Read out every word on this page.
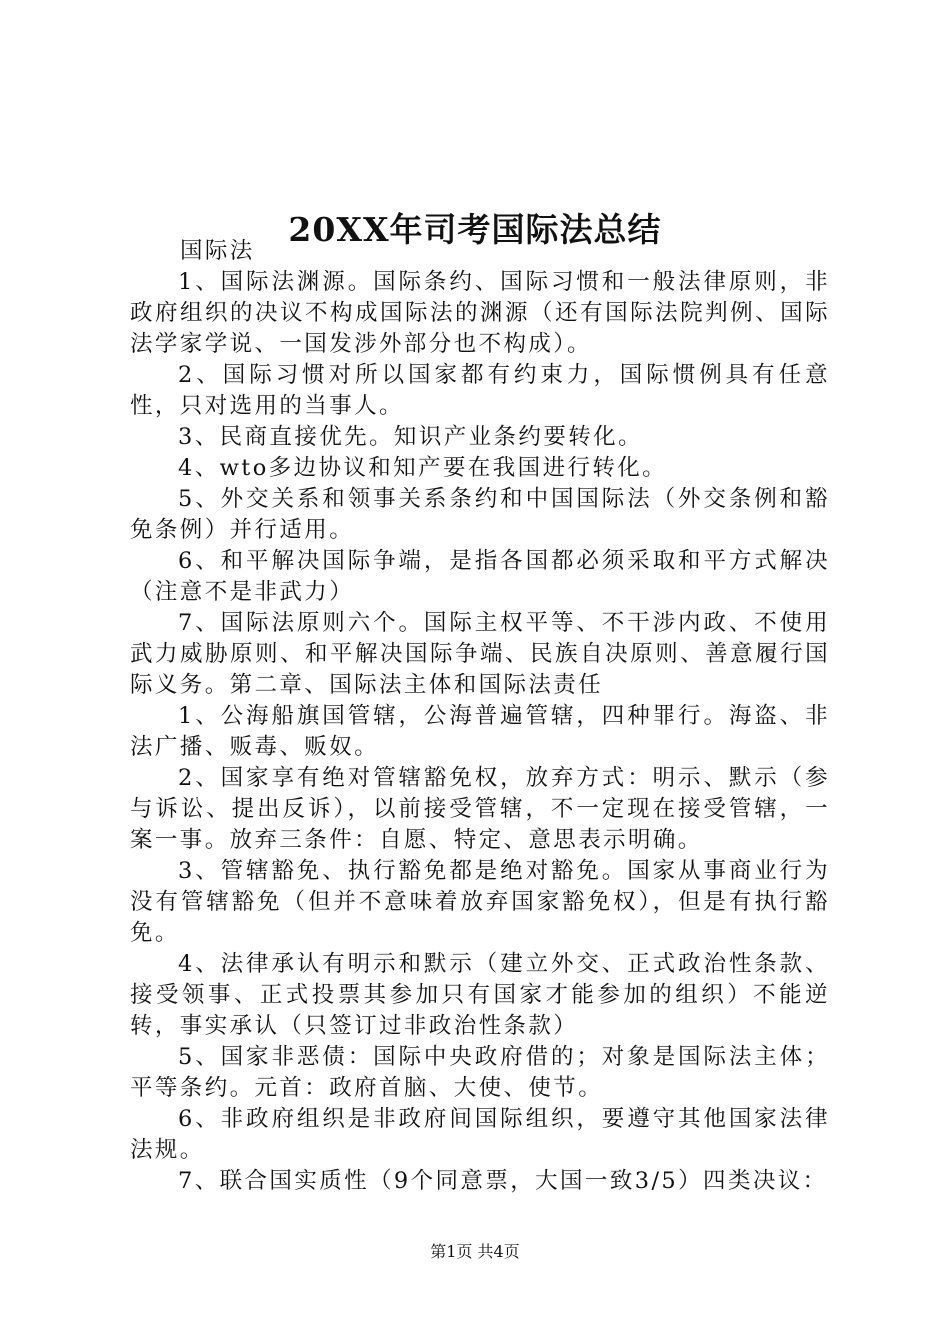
20XX年司考国际法总结

国际法

1、国际法渊源。国际条约、国际习惯和一般法律原则，非政府组织的决议不构成国际法的渊源（还有国际法院判例、国际法学家学说、一国发涉外部分也不构成）。

2、国际习惯对所以国家都有约束力，国际惯例具有任意性，只对选用的当事人。

3、民商直接优先。知识产业条约要转化。

4、wto多边协议和知产要在我国进行转化。

5、外交关系和领事关系条约和中国国际法（外交条例和豁免条例）并行适用。

6、和平解决国际争端，是指各国都必须采取和平方式解决（注意不是非武力）

7、国际法原则六个。国际主权平等、不干涉内政、不使用武力威胁原则、和平解决国际争端、民族自决原则、善意履行国际义务。第二章、国际法主体和国际法责任

1、公海船旗国管辖，公海普遍管辖，四种罪行。海盗、非法广播、贩毒、贩奴。

2、国家享有绝对管辖豁免权，放弃方式：明示、默示（参与诉讼、提出反诉），以前接受管辖，不一定现在接受管辖，一案一事。放弃三条件：自愿、特定、意思表示明确。

3、管辖豁免、执行豁免都是绝对豁免。国家从事商业行为没有管辖豁免（但并不意味着放弃国家豁免权），但是有执行豁免。

4、法律承认有明示和默示（建立外交、正式政治性条款、接受领事、正式投票其参加只有国家才能参加的组织）不能逆转，事实承认（只签订过非政治性条款）

5、国家非恶债：国际中央政府借的；对象是国际法主体；平等条约。元首：政府首脑、大使、使节。

6、非政府组织是非政府间国际组织，要遵守其他国家法律法规。

7、联合国实质性（9个同意票，大国一致3/5）四类决议：

第1页 共4页
